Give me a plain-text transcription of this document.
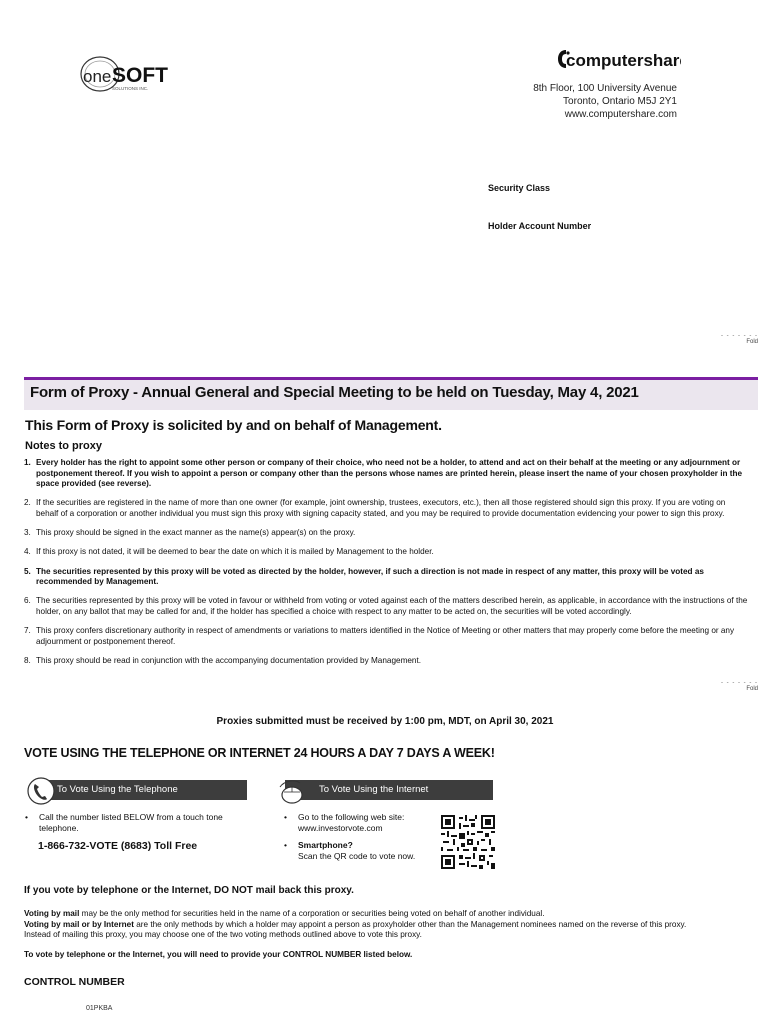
one SOFT
SOLUTIONS INC.
computershare
8th Floor, 100 University Avenue
Toronto, Ontario M5J 2Y1
www.computershare.com
Security Class
Holder Account Number
- - - - - - -
Fold
Form of Proxy - Annual General and Special Meeting to be held on Tuesday, May 4, 2021
This Form of Proxy is solicited by and on behalf of Management.
Notes to proxy
1. Every holder has the right to appoint some other person or company of their choice, who need not be a holder, to attend and act on their behalf at the meeting or any adjournment or postponement thereof. If you wish to appoint a person or company other than the persons whose names are printed herein, please insert the name of your chosen proxyholder in the space provided (see reverse).
2. If the securities are registered in the name of more than one owner (for example, joint ownership, trustees, executors, etc.), then all those registered should sign this proxy. If you are voting on behalf of a corporation or another individual you must sign this proxy with signing capacity stated, and you may be required to provide documentation evidencing your power to sign this proxy.
3. This proxy should be signed in the exact manner as the name(s) appear(s) on the proxy.
4. If this proxy is not dated, it will be deemed to bear the date on which it is mailed by Management to the holder.
5. The securities represented by this proxy will be voted as directed by the holder, however, if such a direction is not made in respect of any matter, this proxy will be voted as recommended by Management.
6. The securities represented by this proxy will be voted in favour or withheld from voting or voted against each of the matters described herein, as applicable, in accordance with the instructions of the holder, on any ballot that may be called for and, if the holder has specified a choice with respect to any matter to be acted on, the securities will be voted accordingly.
7. This proxy confers discretionary authority in respect of amendments or variations to matters identified in the Notice of Meeting or other matters that may properly come before the meeting or any adjournment or postponement thereof.
8. This proxy should be read in conjunction with the accompanying documentation provided by Management.
- - - - - - -
Fold
Proxies submitted must be received by 1:00 pm, MDT, on April 30, 2021
VOTE USING THE TELEPHONE OR INTERNET 24 HOURS A DAY 7 DAYS A WEEK!
To Vote Using the Telephone	To Vote Using the Internet
•	Call the number listed BELOW from a touch tone telephone.
1-866-732-VOTE (8683) Toll Free
•	Go to the following web site:
www.investorvote.com
•	Smartphone?
Scan the QR code to vote now.
If you vote by telephone or the Internet, DO NOT mail back this proxy.
Voting by mail may be the only method for securities held in the name of a corporation or securities being voted on behalf of another individual.
Voting by mail or by Internet are the only methods by which a holder may appoint a person as proxyholder other than the Management nominees named on the reverse of this proxy.
Instead of mailing this proxy, you may choose one of the two voting methods outlined above to vote this proxy.
To vote by telephone or the Internet, you will need to provide your CONTROL NUMBER listed below.
CONTROL NUMBER
01PKBA
